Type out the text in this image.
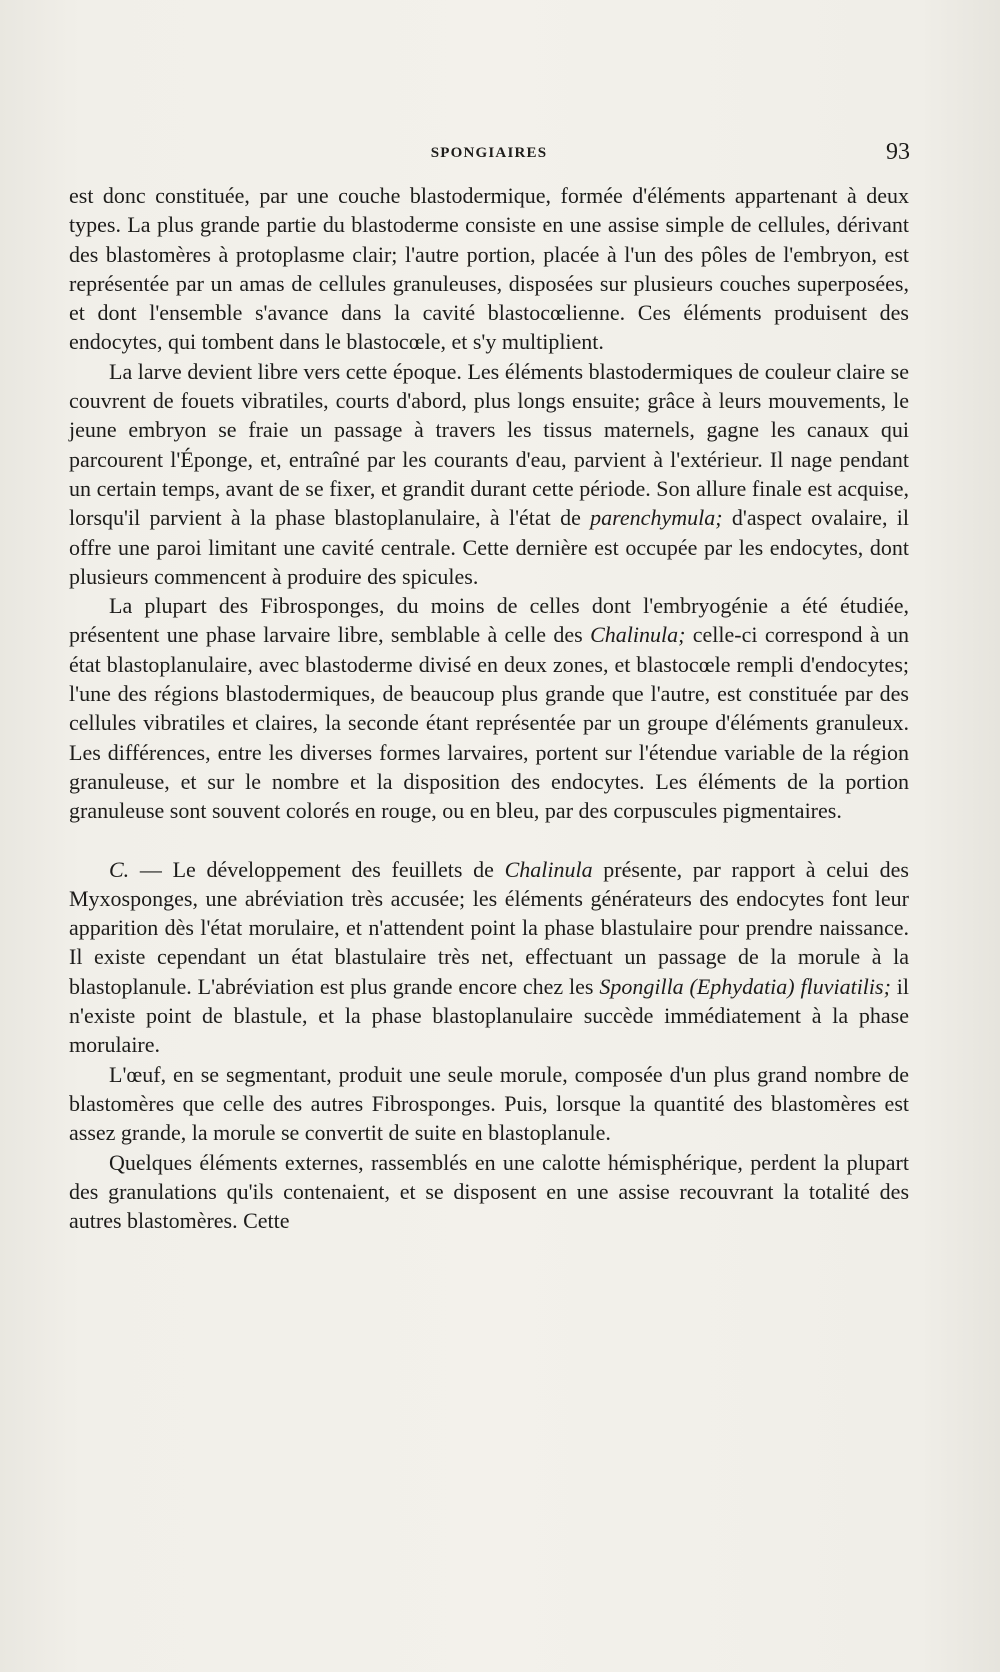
SPONGIAIRES	93

est donc constituée, par une couche blastodermique, formée d'éléments appartenant à deux types. La plus grande partie du blastoderme consiste en une assise simple de cellules, dérivant des blastomères à protoplasme clair; l'autre portion, placée à l'un des pôles de l'embryon, est représentée par un amas de cellules granuleuses, disposées sur plusieurs couches superposées, et dont l'ensemble s'avance dans la cavité blastocœlienne. Ces éléments produisent des endocytes, qui tombent dans le blastocœle, et s'y multiplient.

La larve devient libre vers cette époque. Les éléments blastodermiques de couleur claire se couvrent de fouets vibratiles, courts d'abord, plus longs ensuite; grâce à leurs mouvements, le jeune embryon se fraie un passage à travers les tissus maternels, gagne les canaux qui parcourent l'Éponge, et, entraîné par les courants d'eau, parvient à l'extérieur. Il nage pendant un certain temps, avant de se fixer, et grandit durant cette période. Son allure finale est acquise, lorsqu'il parvient à la phase blastoplanulaire, à l'état de parenchymula; d'aspect ovalaire, il offre une paroi limitant une cavité centrale. Cette dernière est occupée par les endocytes, dont plusieurs commencent à produire des spicules.

La plupart des Fibrosponges, du moins de celles dont l'embryogénie a été étudiée, présentent une phase larvaire libre, semblable à celle des Chalinula; celle-ci correspond à un état blastoplanulaire, avec blastoderme divisé en deux zones, et blastocœle rempli d'endocytes; l'une des régions blastodermiques, de beaucoup plus grande que l'autre, est constituée par des cellules vibratiles et claires, la seconde étant représentée par un groupe d'éléments granuleux. Les différences, entre les diverses formes larvaires, portent sur l'étendue variable de la région granuleuse, et sur le nombre et la disposition des endocytes. Les éléments de la portion granuleuse sont souvent colorés en rouge, ou en bleu, par des corpuscules pigmentaires.

C. — Le développement des feuillets de Chalinula présente, par rapport à celui des Myxosponges, une abréviation très accusée; les éléments générateurs des endocytes font leur apparition dès l'état morulaire, et n'attendent point la phase blastulaire pour prendre naissance. Il existe cependant un état blastulaire très net, effectuant un passage de la morule à la blastoplanule. L'abréviation est plus grande encore chez les Spongilla (Ephydatia) fluviatilis; il n'existe point de blastule, et la phase blastoplanulaire succède immédiatement à la phase morulaire.

L'œuf, en se segmentant, produit une seule morule, composée d'un plus grand nombre de blastomères que celle des autres Fibrosponges. Puis, lorsque la quantité des blastomères est assez grande, la morule se convertit de suite en blastoplanule.

Quelques éléments externes, rassemblés en une calotte hémisphérique, perdent la plupart des granulations qu'ils contenaient, et se disposent en une assise recouvrant la totalité des autres blastomères. Cette
